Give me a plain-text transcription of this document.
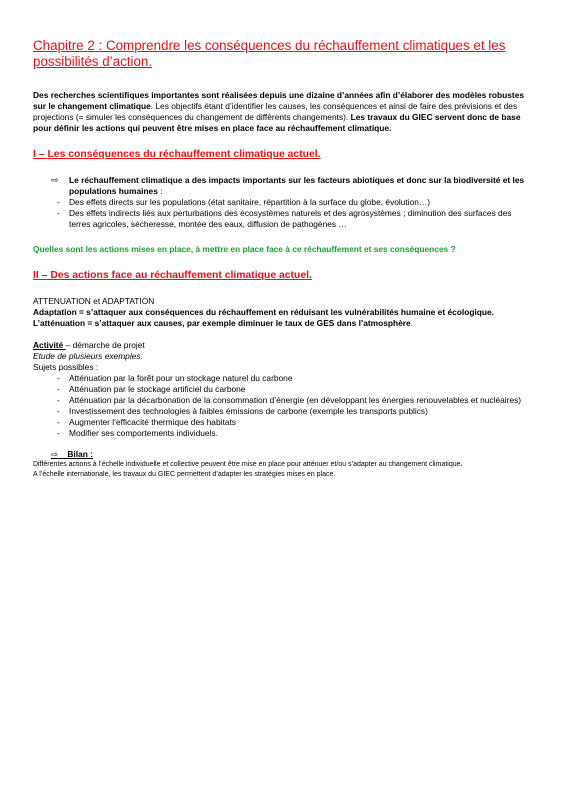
Chapitre 2 : Comprendre les conséquences du réchauffement climatiques et les possibilités d’action.

Des recherches scientifiques importantes sont réalisées depuis une dizaine d’années afin d’élaborer des modèles robustes sur le changement climatique. Les objectifs étant d’identifier les causes, les conséquences et ainsi de faire des prévisions et des projections (= simuler les conséquences du changement de différents changements). Les travaux du GIEC servent donc de base pour définir les actions qui peuvent être mises en place face au réchauffement climatique.

I – Les conséquences du réchauffement climatique actuel.
⇨ Le réchauffement climatique a des impacts importants sur les facteurs abiotiques et donc sur la biodiversité et les populations humaines :
- Des effets directs sur les populations (état sanitaire, répartition à la surface du globe, évolution…)
- Des effets indirects liés aux perturbations des écosystèmes naturels et des agrosystèmes ; diminution des surfaces des terres agricoles, sécheresse, montée des eaux, diffusion de pathogènes …

Quelles sont les actions mises en place, à mettre en place face à ce réchauffement et ses conséquences ?

II – Des actions face au réchauffement climatique actuel.

ATTENUATION et ADAPTATION

Adaptation = s’attaquer aux conséquences du réchauffement en réduisant les vulnérabilités humaine et écologique.

L’atténuation = s’attaquer aux causes, par exemple diminuer le taux de GES dans l’atmosphère.

Activité – démarche de projet

Etude de plusieurs exemples.

Sujets possibles :

- Atténuation par la forêt pour un stockage naturel du carbone
- Atténuation par le stockage artificiel du carbone
- Atténuation par la décarbonation de la consommation d’énergie (en développant les énergies renouvelables et nucléaires)
- Investissement des technologies à faibles émissions de carbone (exemple les transports publics)
- Augmenter l’efficacité thermique des habitats
- Modifier ses comportements individuels.

⇨ Bilan :

Différentes actions à l’échelle individuelle et collective peuvent être mise en place pour atténuer et/ou s’adapter au changement climatique.

A l’échelle internationale, les travaux du GIEC permettent d’adapter les stratégies mises en place.
